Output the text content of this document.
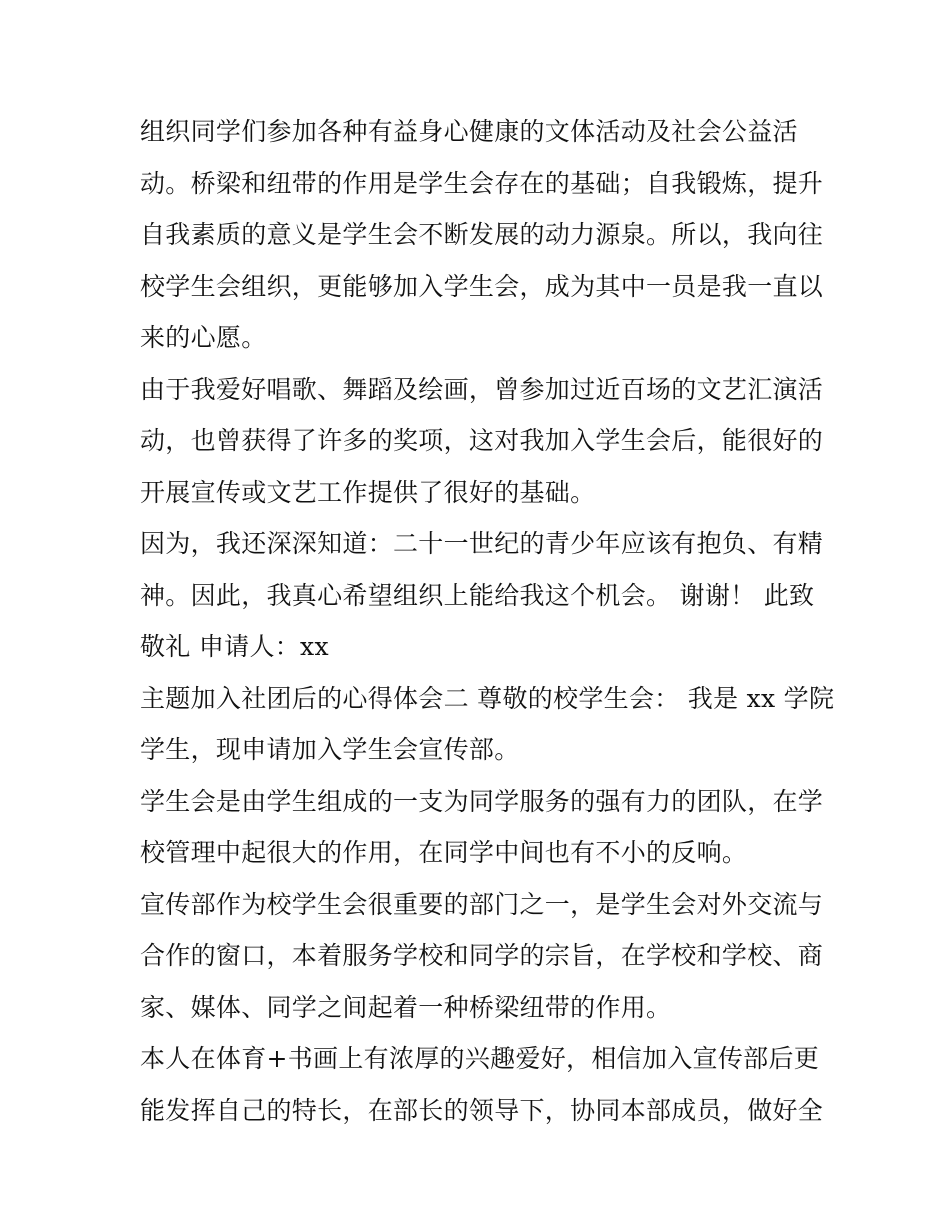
组织同学们参加各种有益身心健康的文体活动及社会公益活
动。桥梁和纽带的作用是学生会存在的基础；自我锻炼，提升
自我素质的意义是学生会不断发展的动力源泉。所以，我向往
校学生会组织，更能够加入学生会，成为其中一员是我一直以
来的心愿。
由于我爱好唱歌、舞蹈及绘画，曾参加过近百场的文艺汇演活
动，也曾获得了许多的奖项，这对我加入学生会后，能很好的
开展宣传或文艺工作提供了很好的基础。
因为，我还深深知道：二十一世纪的青少年应该有抱负、有精
神。因此，我真心希望组织上能给我这个机会。 谢谢！ 此致
敬礼 申请人：xx
主题加入社团后的心得体会二 尊敬的校学生会： 我是 xx 学院
学生，现申请加入学生会宣传部。
学生会是由学生组成的一支为同学服务的强有力的团队，在学
校管理中起很大的作用，在同学中间也有不小的反响。
宣传部作为校学生会很重要的部门之一，是学生会对外交流与
合作的窗口，本着服务学校和同学的宗旨，在学校和学校、商
家、媒体、同学之间起着一种桥梁纽带的作用。
本人在体育+书画上有浓厚的兴趣爱好，相信加入宣传部后更
能发挥自己的特长，在部长的领导下，协同本部成员，做好全
